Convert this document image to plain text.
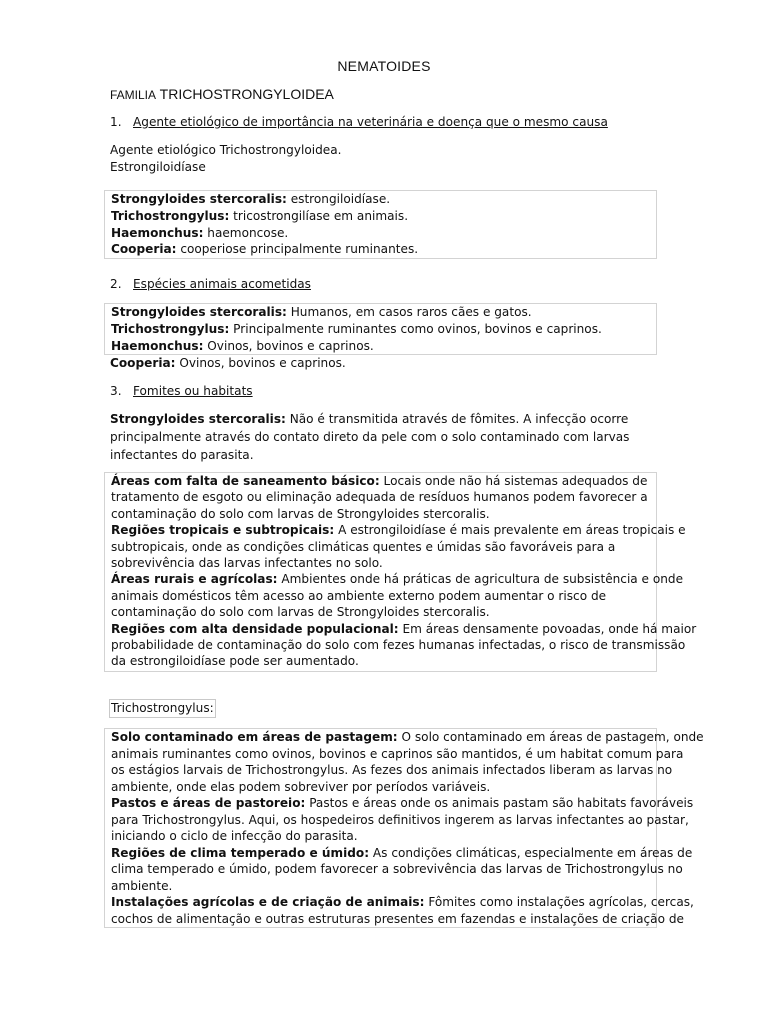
NEMATOIDES
FAMILIA TRICHOSTRONGYLOIDEA
1. Agente etiológico de importância na veterinária e doença que o mesmo causa
Agente etiológico Trichostrongyloidea.
Estrongiloidíase
Strongyloides stercoralis: estrongiloidíase.
Trichostrongylus: tricostrongilíase em animais.
Haemonchus: haemoncose.
Cooperia: cooperiose principalmente ruminantes.
2. Espécies animais acometidas
Strongyloides stercoralis: Humanos, em casos raros cães e gatos.
Trichostrongylus: Principalmente ruminantes como ovinos, bovinos e caprinos.
Haemonchus: Ovinos, bovinos e caprinos.
Cooperia: Ovinos, bovinos e caprinos.
3. Fomites ou habitats
Strongyloides stercoralis: Não é transmitida através de fômites. A infecção ocorre
principalmente através do contato direto da pele com o solo contaminado com larvas
infectantes do parasita.
Áreas com falta de saneamento básico: Locais onde não há sistemas adequados de
tratamento de esgoto ou eliminação adequada de resíduos humanos podem favorecer a
contaminação do solo com larvas de Strongyloides stercoralis.
Regiões tropicais e subtropicais: A estrongiloidíase é mais prevalente em áreas tropicais e
subtropicais, onde as condições climáticas quentes e úmidas são favoráveis para a
sobrevivência das larvas infectantes no solo.
Áreas rurais e agrícolas: Ambientes onde há práticas de agricultura de subsistência e onde
animais domésticos têm acesso ao ambiente externo podem aumentar o risco de
contaminação do solo com larvas de Strongyloides stercoralis.
Regiões com alta densidade populacional: Em áreas densamente povoadas, onde há maior
probabilidade de contaminação do solo com fezes humanas infectadas, o risco de transmissão
da estrongiloidíase pode ser aumentado.
Trichostrongylus:
Solo contaminado em áreas de pastagem: O solo contaminado em áreas de pastagem, onde
animais ruminantes como ovinos, bovinos e caprinos são mantidos, é um habitat comum para
os estágios larvais de Trichostrongylus. As fezes dos animais infectados liberam as larvas no
ambiente, onde elas podem sobreviver por períodos variáveis.
Pastos e áreas de pastoreio: Pastos e áreas onde os animais pastam são habitats favoráveis
para Trichostrongylus. Aqui, os hospedeiros definitivos ingerem as larvas infectantes ao pastar,
iniciando o ciclo de infecção do parasita.
Regiões de clima temperado e úmido: As condições climáticas, especialmente em áreas de
clima temperado e úmido, podem favorecer a sobrevivência das larvas de Trichostrongylus no
ambiente.
Instalações agrícolas e de criação de animais: Fômites como instalações agrícolas, cercas,
cochos de alimentação e outras estruturas presentes em fazendas e instalações de criação de
